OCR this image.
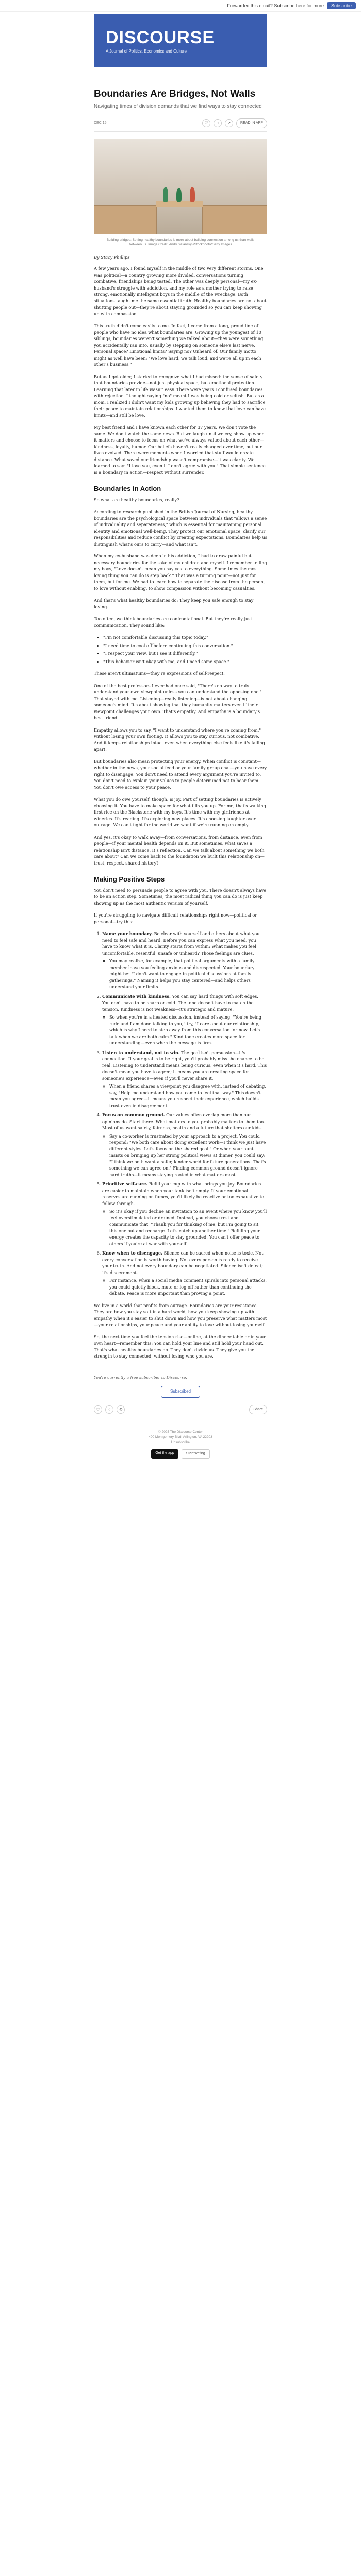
Forwarded this email? Subscribe here for more	Subscribe
DISCOURSE
A Journal of Politics, Economics and Culture
Boundaries Are Bridges, Not Walls
Navigating times of division demands that we find ways to stay connected
DEC 15	♡	◌	↗	READ IN APP
Building bridges: Setting healthy boundaries is more about building connection among us than walls between us. Image Credit: Andrii Yalanskyi/iStockphoto/Getty Images

By Stacy Phillips

A few years ago, I found myself in the middle of two very different storms. One was political—a country growing more divided, conversations turning combative, friendships being tested. The other was deeply personal—my ex-husband's struggle with addiction, and my role as a mother trying to raise strong, emotionally intelligent boys in the middle of the wreckage. Both situations taught me the same essential truth: Healthy boundaries are not about shutting people out—they're about staying grounded so you can keep showing up with compassion.

This truth didn't come easily to me. In fact, I come from a long, proud line of people who have no idea what boundaries are. Growing up the youngest of 10 siblings, boundaries weren't something we talked about—they were something you accidentally ran into, usually by stepping on someone else's last nerve. Personal space? Emotional limits? Saying no? Unheard of. Our family motto might as well have been: "We love hard, we talk loud, and we're all up in each other's business."

But as I got older, I started to recognize what I had missed: the sense of safety that boundaries provide—not just physical space, but emotional protection. Learning that later in life wasn't easy. There were years I confused boundaries with rejection. I thought saying "no" meant I was being cold or selfish. But as a mom, I realized I didn't want my kids growing up believing they had to sacrifice their peace to maintain relationships. I wanted them to know that love can have limits—and still be love.

My best friend and I have known each other for 37 years. We don't vote the same. We don't watch the same news. But we laugh until we cry, show up when it matters and choose to focus on what we've always valued about each other—kindness, loyalty, humor. Our beliefs haven't really changed over time, but our lives evolved. There were moments when I worried that stuff would create distance. What saved our friendship wasn't compromise—it was clarity. We learned to say: "I love you, even if I don't agree with you." That simple sentence is a boundary in action—respect without surrender.

Boundaries in Action

So what are healthy boundaries, really?

According to research published in the British Journal of Nursing, healthy boundaries are the psychological space between individuals that "allows a sense of individuality and separateness," which is essential for maintaining personal identity and emotional well-being. They protect our emotional space, clarify our responsibilities and reduce conflict by creating expectations. Boundaries help us distinguish what's ours to carry—and what isn't.

When my ex-husband was deep in his addiction, I had to draw painful but necessary boundaries for the sake of my children and myself. I remember telling my boys, "Love doesn't mean you say yes to everything. Sometimes the most loving thing you can do is step back." That was a turning point—not just for them, but for me. We had to learn how to separate the disease from the person, to love without enabling, to show compassion without becoming casualties.

And that's what healthy boundaries do: They keep you safe enough to stay loving.

Too often, we think boundaries are confrontational. But they're really just communication. They sound like:

• "I'm not comfortable discussing this topic today."
• "I need time to cool off before continuing this conversation."
• "I respect your view, but I see it differently."
• "This behavior isn't okay with me, and I need some space."

These aren't ultimatums—they're expressions of self-respect.

One of the best professors I ever had once said, "There's no way to truly understand your own viewpoint unless you can understand the opposing one." That stayed with me. Listening—really listening—is not about changing someone's mind. It's about showing that they humanity matters even if their viewpoint challenges your own. That's empathy. And empathy is a boundary's best friend.

Empathy allows you to say, "I want to understand where you're coming from," without losing your own footing. It allows you to stay curious, not combative. And it keeps relationships intact even when everything else feels like it's falling apart.

But boundaries also mean protecting your energy. When conflict is constant—whether in the news, your social feed or your family group chat—you have every right to disengage. You don't need to attend every argument you're invited to. You don't need to explain your values to people determined not to hear them. You don't owe access to your peace.

What you do owe yourself, though, is joy. Part of setting boundaries is actively choosing it. You have to make space for what fills you up. For me, that's walking first rice on the Blackstone with my boys. It's time with my girlfriends at wineries. It's reading. It's exploring new places. It's choosing laughter over outrage. We can't fight for the world we want if we're running on empty.

And yes, it's okay to walk away—from conversations, from distance, even from people—if your mental health depends on it. But sometimes, what saves a relationship isn't distance. It's reflection. Can we talk about something we both care about? Can we come back to the foundation we built this relationship on—trust, respect, shared history?

Making Positive Steps

You don't need to persuade people to agree with you. There doesn't always have to be an action step. Sometimes, the most radical thing you can do is just keep showing up as the most authentic version of yourself.

If you're struggling to navigate difficult relationships right now—political or personal—try this:

1. Name your boundary. Be clear with yourself and others about what you need to feel safe and heard. Before you can express what you need, you have to know what it is. Clarity starts from within: What makes you feel uncomfortable, resentful, unsafe or unheard? Those feelings are clues.
◦ You may realize, for example, that political arguments with a family member leave you feeling anxious and disrespected. Your boundary might be: "I don't want to engage in political discussions at family gatherings." Naming it helps you stay centered—and helps others understand your limits.
2. Communicate with kindness. You can say hard things with soft edges. You don't have to be sharp or cold. The tone doesn't have to match the tension. Kindness is not weakness—it's strategic and mature.
◦ So when you're in a heated discussion, instead of saying, "You're being rude and I am done talking to you," try, "I care about our relationship, which is why I need to step away from this conversation for now. Let's talk when we are both calm." Kind tone creates more space for understanding—even when the message is firm.
3. Listen to understand, not to win. The goal isn't persuasion—it's connection. If your goal is to be right, you'll probably miss the chance to be real. Listening to understand means being curious, even when it's hard. This doesn't mean you have to agree; it means you are creating space for someone's experience—even if you'll never share it.
◦ When a friend shares a viewpoint you disagree with, instead of debating, say, "Help me understand how you came to feel that way." This doesn't mean you agree—it means you respect their experience, which builds trust even in disagreement.
4. Focus on common ground. Our values often overlap more than our opinions do. Start there. What matters to you probably matters to them too. Most of us want safety, fairness, health and a future that shelters our kids.
◦ Say a co-worker is frustrated by your approach to a project. You could respond: "We both care about doing excellent work—I think we just have different styles. Let's focus on the shared goal." Or when your aunt insists on bringing up her strong political views at dinner, you could say: "I think we both want a safer, kinder world for future generations. That's something we can agree on." Finding common ground doesn't ignore hard truths—it means staying rooted in what matters most.
5. Prioritize self-care. Refill your cup with what brings you joy. Boundaries are easier to maintain when your tank isn't empty. If your emotional reserves are running on fumes, you'll likely be reactive or too exhaustive to follow through.
◦ So it's okay if you decline an invitation to an event where you know you'll feel overstimulated or drained. Instead, you choose rest and communicate that: "Thank you for thinking of me, but I'm going to sit this one out and recharge. Let's catch up another time." Refilling your energy creates the capacity to stay grounded. You can't offer peace to others if you're at war with yourself.
6. Know when to disengage. Silence can be sacred when noise is toxic. Not every conversation is worth having. Not every person is ready to receive your truth. And not every boundary can be negotiated. Silence isn't defeat; it's discernment.
◦ For instance, when a social media comment spirals into personal attacks, you could quietly block, mute or log off rather than continuing the debate. Peace is more important than proving a point.

We live in a world that profits from outrage. Boundaries are your resistance. They are how you stay soft in a hard world, how you keep showing up with empathy when it's easier to shut down and how you preserve what matters most—your relationships, your peace and your ability to love without losing yourself.

So, the next time you feel the tension rise—online, at the dinner table or in your own heart—remember this: You can hold your line and still hold your hand out. That's what healthy boundaries do. They don't divide us. They give you the strength to stay connected, without losing who you are.

You're currently a free subscriber to Discourse.
Subscribed
♡	◌	⟲	Share
© 2025 The Discourse Center
400 Montgomery Blvd, Arlington, VA 22203
Unsubscribe
Get the app	Start writing
